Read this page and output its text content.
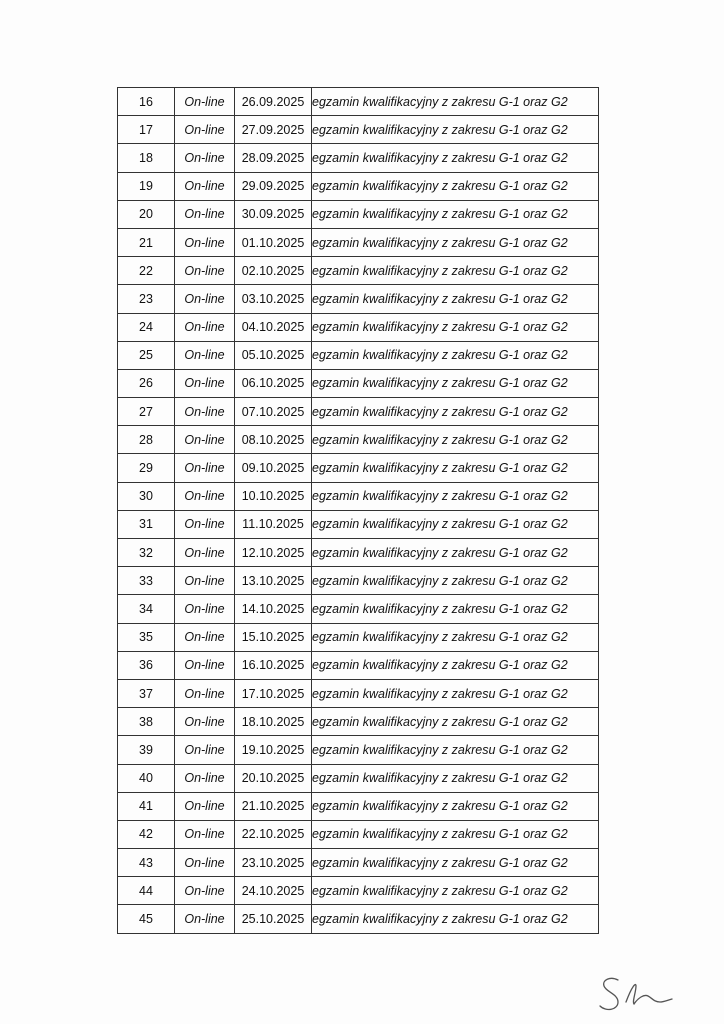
16	On-line	26.09.2025	egzamin kwalifikacyjny z zakresu G-1 oraz G2
17	On-line	27.09.2025	egzamin kwalifikacyjny z zakresu G-1 oraz G2
18	On-line	28.09.2025	egzamin kwalifikacyjny z zakresu G-1 oraz G2
19	On-line	29.09.2025	egzamin kwalifikacyjny z zakresu G-1 oraz G2
20	On-line	30.09.2025	egzamin kwalifikacyjny z zakresu G-1 oraz G2
21	On-line	01.10.2025	egzamin kwalifikacyjny z zakresu G-1 oraz G2
22	On-line	02.10.2025	egzamin kwalifikacyjny z zakresu G-1 oraz G2
23	On-line	03.10.2025	egzamin kwalifikacyjny z zakresu G-1 oraz G2
24	On-line	04.10.2025	egzamin kwalifikacyjny z zakresu G-1 oraz G2
25	On-line	05.10.2025	egzamin kwalifikacyjny z zakresu G-1 oraz G2
26	On-line	06.10.2025	egzamin kwalifikacyjny z zakresu G-1 oraz G2
27	On-line	07.10.2025	egzamin kwalifikacyjny z zakresu G-1 oraz G2
28	On-line	08.10.2025	egzamin kwalifikacyjny z zakresu G-1 oraz G2
29	On-line	09.10.2025	egzamin kwalifikacyjny z zakresu G-1 oraz G2
30	On-line	10.10.2025	egzamin kwalifikacyjny z zakresu G-1 oraz G2
31	On-line	11.10.2025	egzamin kwalifikacyjny z zakresu G-1 oraz G2
32	On-line	12.10.2025	egzamin kwalifikacyjny z zakresu G-1 oraz G2
33	On-line	13.10.2025	egzamin kwalifikacyjny z zakresu G-1 oraz G2
34	On-line	14.10.2025	egzamin kwalifikacyjny z zakresu G-1 oraz G2
35	On-line	15.10.2025	egzamin kwalifikacyjny z zakresu G-1 oraz G2
36	On-line	16.10.2025	egzamin kwalifikacyjny z zakresu G-1 oraz G2
37	On-line	17.10.2025	egzamin kwalifikacyjny z zakresu G-1 oraz G2
38	On-line	18.10.2025	egzamin kwalifikacyjny z zakresu G-1 oraz G2
39	On-line	19.10.2025	egzamin kwalifikacyjny z zakresu G-1 oraz G2
40	On-line	20.10.2025	egzamin kwalifikacyjny z zakresu G-1 oraz G2
41	On-line	21.10.2025	egzamin kwalifikacyjny z zakresu G-1 oraz G2
42	On-line	22.10.2025	egzamin kwalifikacyjny z zakresu G-1 oraz G2
43	On-line	23.10.2025	egzamin kwalifikacyjny z zakresu G-1 oraz G2
44	On-line	24.10.2025	egzamin kwalifikacyjny z zakresu G-1 oraz G2
45	On-line	25.10.2025	egzamin kwalifikacyjny z zakresu G-1 oraz G2
